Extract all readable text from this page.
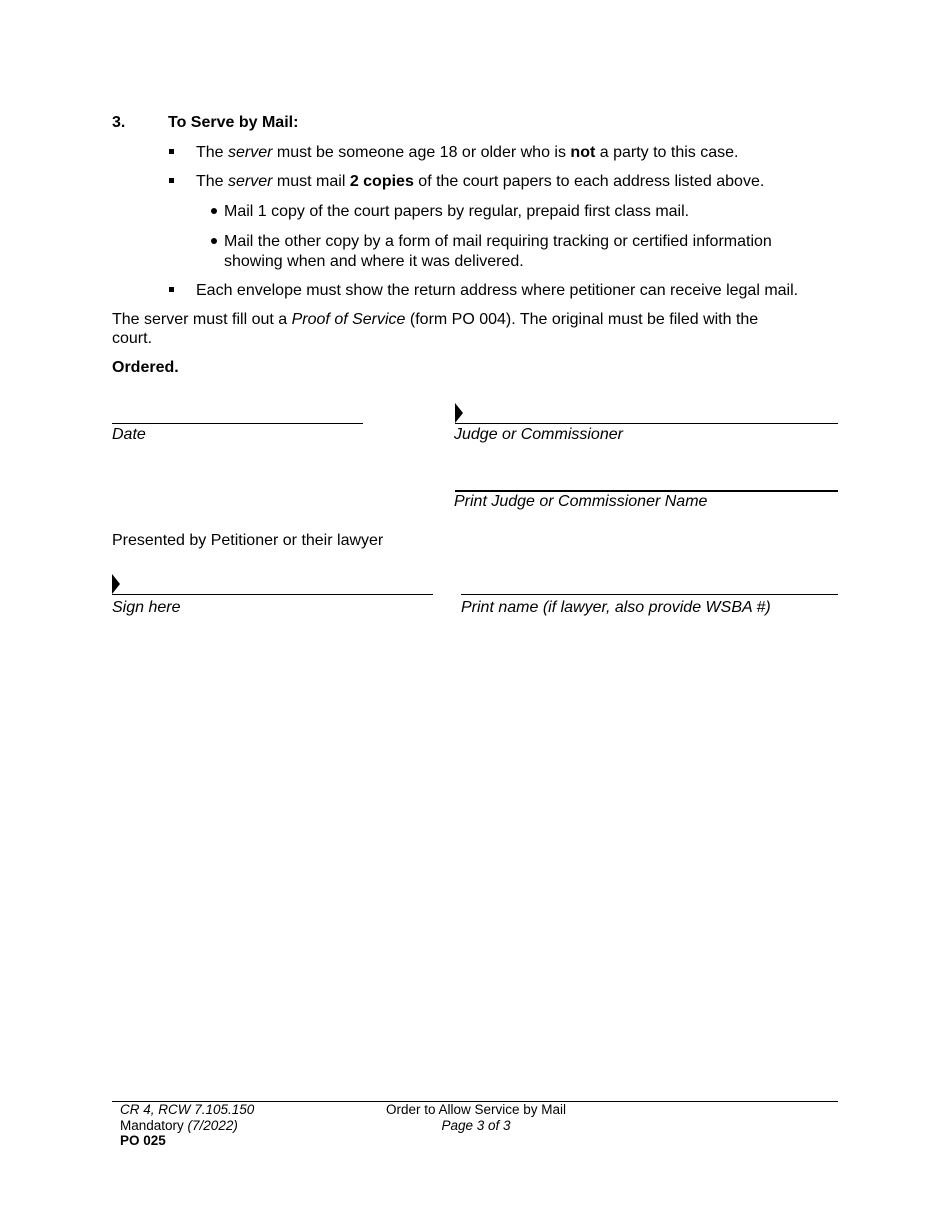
3.	To Serve by Mail:
The server must be someone age 18 or older who is not a party to this case.
The server must mail 2 copies of the court papers to each address listed above.
Mail 1 copy of the court papers by regular, prepaid first class mail.
Mail the other copy by a form of mail requiring tracking or certified information
showing when and where it was delivered.
Each envelope must show the return address where petitioner can receive legal mail.
The server must fill out a Proof of Service (form PO 004). The original must be filed with the
court.
Ordered.
Date	Judge or Commissioner
Print Judge or Commissioner Name
Presented by Petitioner or their lawyer
Sign here	Print name (if lawyer, also provide WSBA #)
CR 4, RCW 7.105.150
Mandatory (7/2022)
PO 025
Order to Allow Service by Mail
Page 3 of 3
